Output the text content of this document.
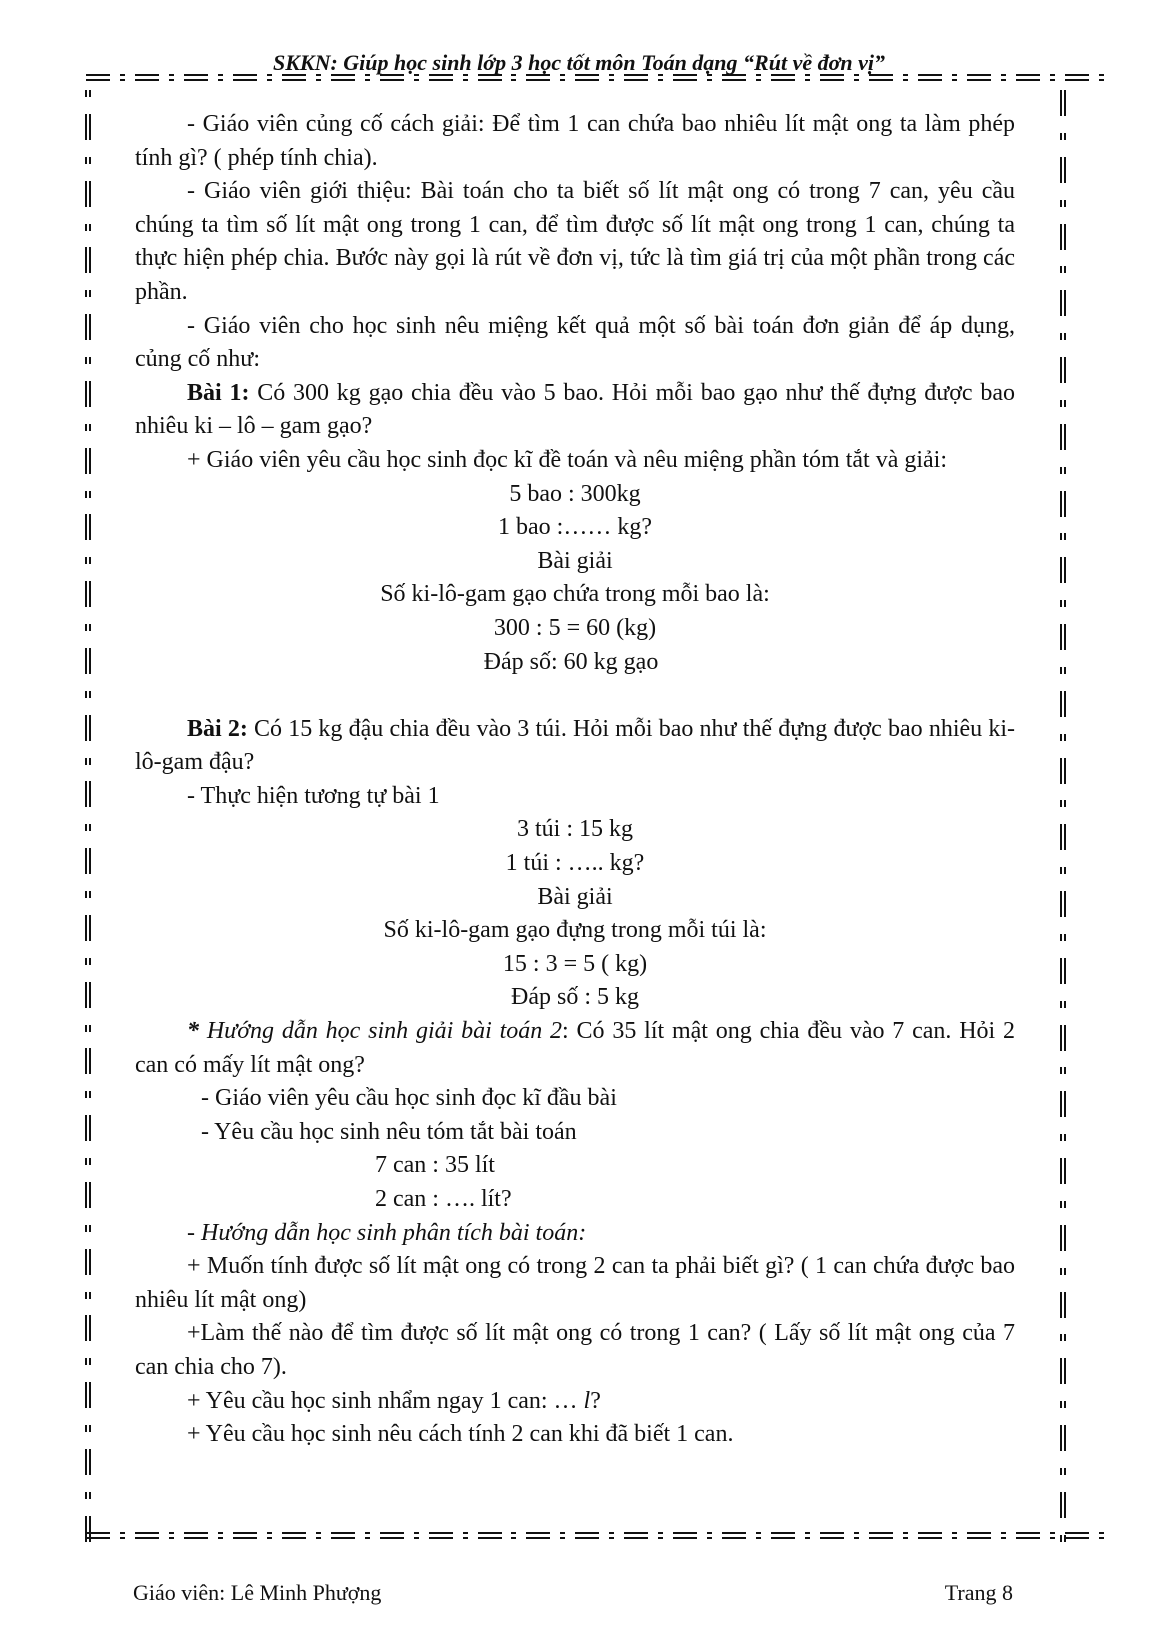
SKKN: Giúp học sinh lớp 3 học tốt môn Toán dạng “Rút về đơn vị”

- Giáo viên củng cố cách giải: Để tìm 1 can chứa bao nhiêu lít mật ong ta làm phép tính gì? ( phép tính chia).

- Giáo viên giới thiệu: Bài toán cho ta biết số lít mật ong có trong 7 can, yêu cầu chúng ta tìm số lít mật ong trong 1 can, để tìm được số lít mật ong trong 1 can, chúng ta thực hiện phép chia. Bước này gọi là rút về đơn vị, tức là tìm giá trị của một phần trong các phần.

- Giáo viên cho học sinh nêu miệng kết quả một số bài toán đơn giản để áp dụng, củng cố như:

Bài 1: Có 300 kg gạo chia đều vào 5 bao. Hỏi mỗi bao gạo như thế đựng được bao nhiêu ki – lô – gam gạo?

+ Giáo viên yêu cầu học sinh đọc kĩ đề toán và nêu miệng phần tóm tắt và giải:

5 bao : 300kg

1 bao :…… kg?

Bài giải

Số ki-lô-gam gạo chứa trong mỗi bao là:

300 : 5 = 60 (kg)

Đáp số: 60 kg gạo

Bài 2: Có 15 kg đậu chia đều vào 3 túi. Hỏi mỗi bao như thế đựng được bao nhiêu ki-lô-gam đậu?

- Thực hiện tương tự bài 1

3 túi : 15 kg

1 túi : ….. kg?

Bài giải

Số ki-lô-gam gạo đựng trong mỗi túi là:

15 : 3 = 5 ( kg)

Đáp số : 5 kg

* Hướng dẫn học sinh giải bài toán 2: Có 35 lít mật ong chia đều vào 7 can. Hỏi 2 can có mấy lít mật ong?

- Giáo viên yêu cầu học sinh đọc kĩ đầu bài

- Yêu cầu học sinh nêu tóm tắt bài toán

7 can : 35 lít

2 can : …. lít?

- Hướng dẫn học sinh phân tích bài toán:

+ Muốn tính được số lít mật ong có trong 2 can ta phải biết gì? ( 1 can chứa được bao nhiêu lít mật ong)

+Làm thế nào để tìm được số lít mật ong có trong 1 can? ( Lấy số lít mật ong của 7 can chia cho 7).

+ Yêu cầu học sinh nhẩm ngay 1 can: … l?

+ Yêu cầu học sinh nêu cách tính 2 can khi đã biết 1 can.

Giáo viên: Lê Minh Phượng	Trang 8
